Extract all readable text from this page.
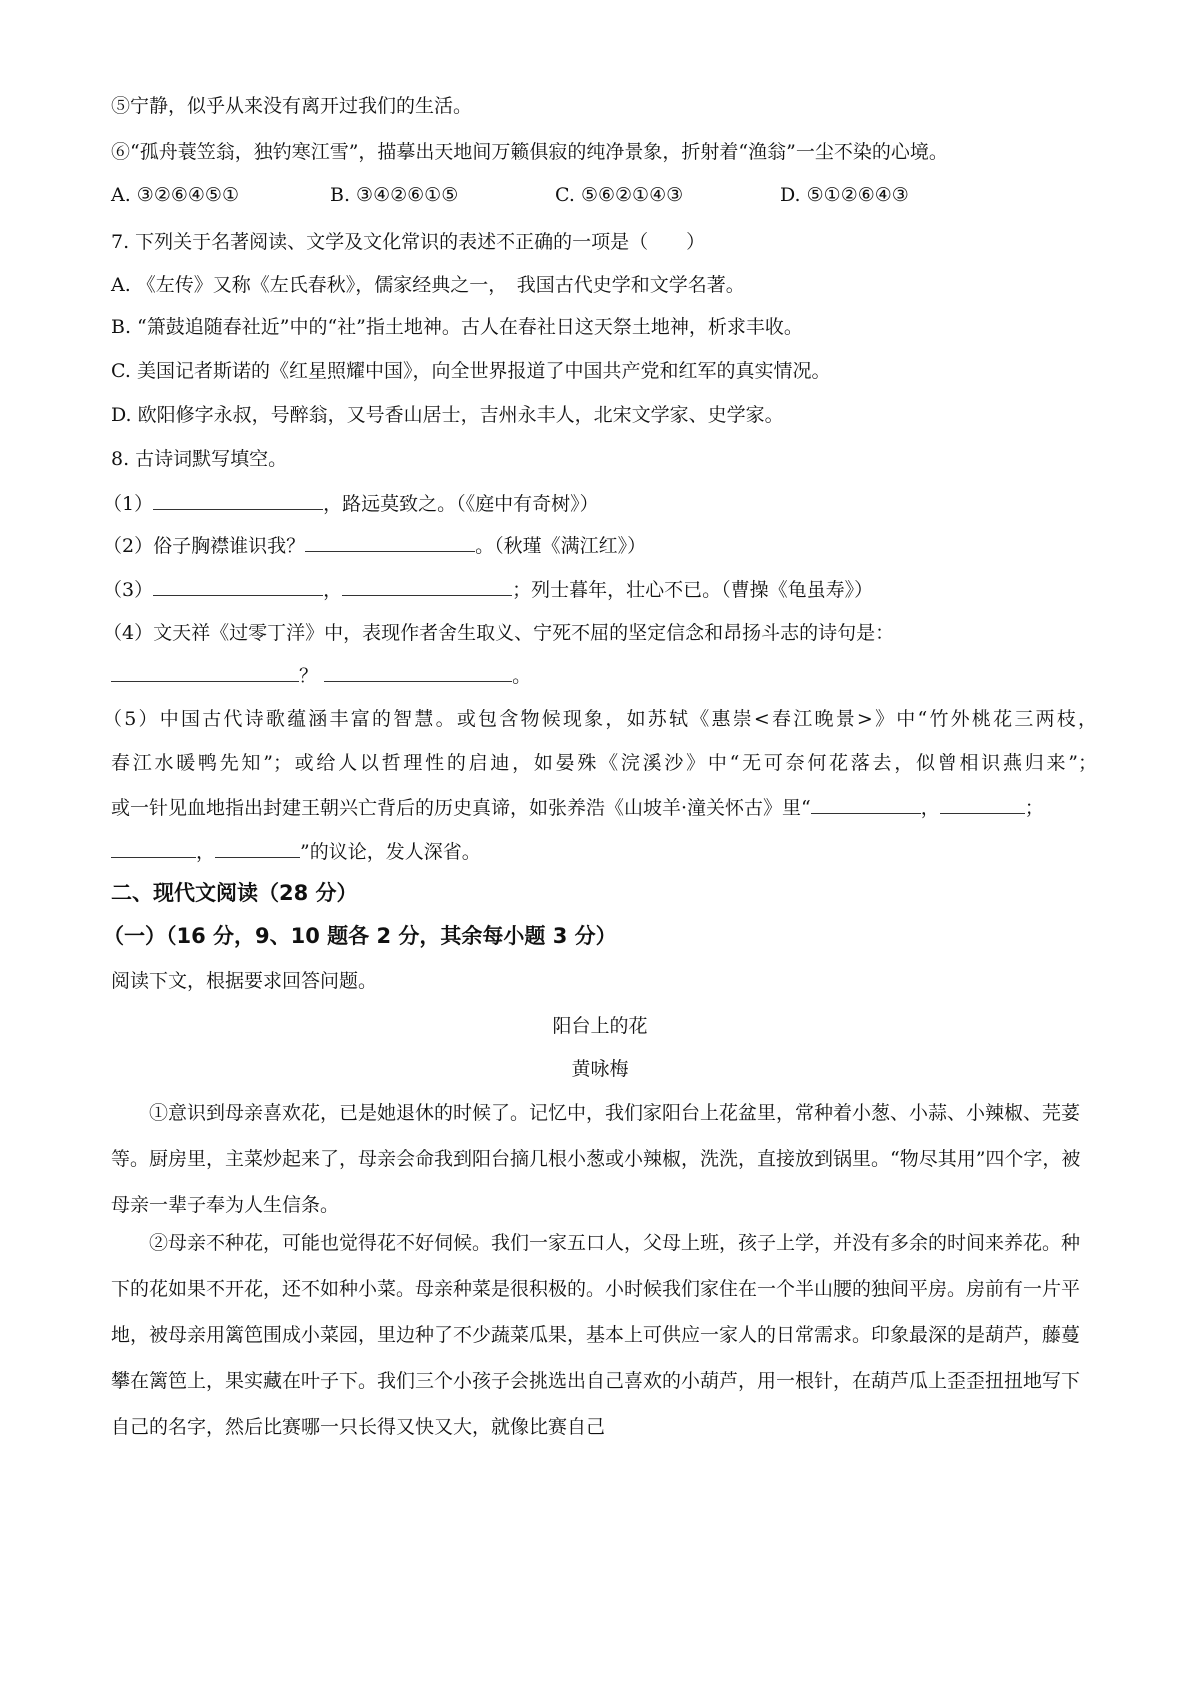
⑤宁静，似乎从来没有离开过我们的生活。
⑥“孤舟蓑笠翁，独钓寒江雪”，描摹出天地间万籁俱寂的纯净景象，折射着“渔翁”一尘不染的心境。
A. ③②⑥④⑤①	B. ③④②⑥①⑤	C. ⑤⑥②①④③	D. ⑤①②⑥④③
7. 下列关于名著阅读、文学及文化常识的表述不正确的一项是（　　）
A. 《左传》又称《左氏春秋》，儒家经典之一，　我国古代史学和文学名著。
B. “箫鼓追随春社近”中的“社”指土地神。古人在春社日这天祭土地神，析求丰收。
C. 美国记者斯诺的《红星照耀中国》，向全世界报道了中国共产党和红军的真实情况。
D. 欧阳修字永叔，号醉翁，又号香山居士，吉州永丰人，北宋文学家、史学家。
8. 古诗词默写填空。
（1）	，路远莫致之。（《庭中有奇树》）
（2）俗子胸襟谁识我？	。（秋瑾《满江红》）
（3）	，	；列士暮年，壮心不已。（曹操《龟虽寿》）
（4）文天祥《过零丁洋》中，表现作者舍生取义、宁死不屈的坚定信念和昂扬斗志的诗句是：
？	。
（5）中国古代诗歌蕴涵丰富的智慧。或包含物候现象，如苏轼《惠崇<春江晚景>》中“竹外桃花三两枝，
春江水暖鸭先知”；或给人以哲理性的启迪，如晏殊《浣溪沙》中“无可奈何花落去，似曾相识燕归来”；
或一针见血地指出封建王朝兴亡背后的历史真谛，如张养浩《山坡羊·潼关怀古》里“	，	；
，	”的议论，发人深省。
二、现代文阅读（28 分）
（一）（16 分，9、10 题各 2 分，其余每小题 3 分）
阅读下文，根据要求回答问题。
阳台上的花
黄咏梅
①意识到母亲喜欢花，已是她退休的时候了。记忆中，我们家阳台上花盆里，常种着小葱、小蒜、小辣椒、芫荽等。厨房里，主菜炒起来了，母亲会命我到阳台摘几根小葱或小辣椒，洗洗，直接放到锅里。“物尽其用”四个字，被母亲一辈子奉为人生信条。
②母亲不种花，可能也觉得花不好伺候。我们一家五口人，父母上班，孩子上学，并没有多余的时间来养花。种下的花如果不开花，还不如种小菜。母亲种菜是很积极的。小时候我们家住在一个半山腰的独间平房。房前有一片平地，被母亲用篱笆围成小菜园，里边种了不少蔬菜瓜果，基本上可供应一家人的日常需求。印象最深的是葫芦，藤蔓攀在篱笆上，果实藏在叶子下。我们三个小孩子会挑选出自己喜欢的小葫芦，用一根针，在葫芦瓜上歪歪扭扭地写下自己的名字，然后比赛哪一只长得又快又大，就像比赛自己
